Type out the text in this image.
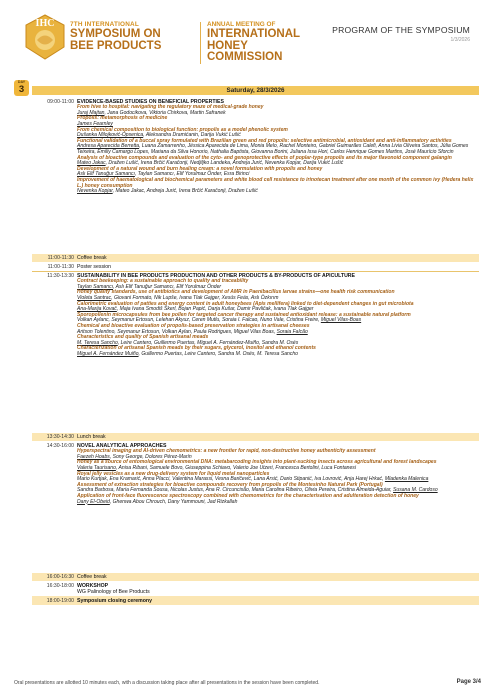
IHC	7TH INTERNATIONAL
SYMPOSIUM ON
BEE PRODUCTS
ANNUAL MEETING OF
INTERNATIONAL
HONEY COMMISSION
PROGRAM OF THE SYMPOSIUM
1/3/2026
DAY
3	Saturday, 28/3/2026
09:00-11:00 EVIDENCE-BASED STUDIES ON BENEFICIAL PROPERTIES
From hive to hospital: navigating the regulatory maze of medical-grade honey
Juraj Majtan, Jana Godocikova, Viktoria Chirkova, Martin Safranek
Propolis: metamorphosis of medicine
James Fearnley
From chemical composition to biological function: propolis as a model phenolic system
Dušanka Milojković-Opsenica, Aleksandra Dramićanin, Darija Vukić Lušić
Functional validation of a buccal spray formulated with Brazilian green and red propolis: selective antimicrobial, antioxidant and anti-inflammatory activities
Andresa Aparecida Berretta, Luana Zamarrenho, Jéssica Aparecida de Lima, Monia Melo, Rachel Monteiro, Gabriel Guimarães Calefi, Anna Livia Oliveira Santos, Júlia Gomes Teixeira, Emiliy Camargo Lopes, Mariana da Silva Honorio, Nathalia Baptista, Giovanna Borini, Juliana Issa Hori, Carlos Henrique Gomes Martins, José Maurício Sforcin
Analysis of bioactive compounds and evaluation of the cyto- and genoprotective effects of poplar-type propolis and its major flavonoid component galangin
Mateo Jakac, Dražen Lušić, Irena Brčić Karačonji, Nedjiljko Landeka, Andreja Jurić, Nevenka Kopjar, Darija Vukić Lušić
Development of a natural wound and burn healing cream: a novel formulation with propolis and honey
Aslı Elif Tanuğur Samancı, Taylan Samancı, Elif Yorulmaz Önder, Esra Birinci
Improvement of haematological and biochemical parameters and white blood cell resistance to irinotecan treatment after one month of the common ivy (Hedera helix L.) honey consumption
Nevenka Kopjar, Mateo Jakac, Andreja Jurić, Irena Brčić Karačonji, Dražen Lušić
11:00-11:30 Coffee break
11:00-11:30 Poster session
11:30-13:30 SUSTAINABILITY IN BEE PRODUCTS PRODUCTION AND OTHER PRODUCTS & BY-PRODUCTS OF APICULTURE
Contract beekeeping: a sustainable approach to quality and traceability
Taylan Samancı, Aslı Elif Tanuğur Samancı, Elif Yorulmaz Önder
Honey quality standards, use of antibiotics and development of AMR in Paenibacillus larvae strains—one health risk communication
Violeta Santrac, Giovani Formato, Nik Lupše, Ivana Tlak Gajger, Xesús Feás, Aslı Özkırım
Calorimetric evaluation of patties and energy content in adult honeybees (Apis mellifera) linked to diet-dependent changes in gut microbiota
Ana-Marija Kovač, Maja Ivana Smodiš Škerl, Bojan Papić, Darja Kušar, Damir Pavličak, Ivana Tlak Gajger
Sporopollenin microcapsules from bee pollen for targeted cancer therapy and sustained antioxidant release: a sustainable natural platform
Volkan Aylanc, Seymanur Ertosun, Lelehan Akyuz, Ceren Mutlu, Soraia I. Falcao, Nuno Vale, Cristina Freire, Miguel Vilas-Boas
Chemical and bioactive evaluation of propolis-based preservation strategies in artisanal cheeses
Aritson Tolentino, Seymanur Ertosun, Volkan Aylan, Paula Rodrigues, Miguel Vilas Boas, Soraia Falcão
Characteristics and quality of Spanish artisanal meads
M. Teresa Sancho, Leire Cantero, Guillermo Puertas, Miguel A. Fernández-Muiño, Sandra M. Osés
Characterization of artisanal Spanish meads by their sugars, glycerol, inositol and ethanol contents
Miguel A. Fernández Muiño, Guillermo Puertas, Leire Cantero, Sandra M. Osés, M. Teresa Sancho
13:30-14:30 Lunch break
14:30-16:00 NOVEL ANALYTICAL APPROACHES
Hyperspectral imaging and AI-driven chemometrics: a new frontier for rapid, non-destructive honey authenticity assessment
Faezeh Hoabs, Sony George, Dolores Pérez-Marín
Honey as a source of entomological environmental DNA: metabarcoding insights into plant-sucking insects across agricultural and forest landscapes
Valeria Taurisano, Anisa Ribani, Samuele Bovo, Giuseppina Schiavo, Valerio Joe Utzeri, Francesca Bertolini, Luca Fontanesi
Royal jelly vesicles as a new drug-delivery system for liquid metal nanoparticles
Mario Kurtjak, Ena Kramarić, Anna Placci, Valentina Marassi, Vesna Baričević, Lana Arsić, Dario Stipanić, Iva Lovrović, Anja Harej Hrkać, Mladenka Malenica
Assessment of extraction strategies for bioactive compounds recovery from propolis of the Montesinho Natural Park (Portugal)
Sandra Barbosa, Maria Fernanda Sousa, Nicolas Justus, Ana R. Circuncisão, Maria Carolina Ribeiro, Olivia Pereira, Cristina Almeida-Aguiar, Susana M. Cardoso
Application of front-face fluorescence spectroscopy combined with chemometrics for the characterisation and adulteration detection of honey
Dany El-Obeid, Ghenwa Abou Chrouch, Dany Yammouni, Jad Rizkallah
16:00-16:30 Coffee break
16:30-18:00 WORKSHOP
WG Palinology of Bee Products
18:00-19:00 Symposium closing ceremony
Oral presentations are allotted 10 minutes each, with a discussion taking place after all presentations in the session have been completed.	Page 3/4
